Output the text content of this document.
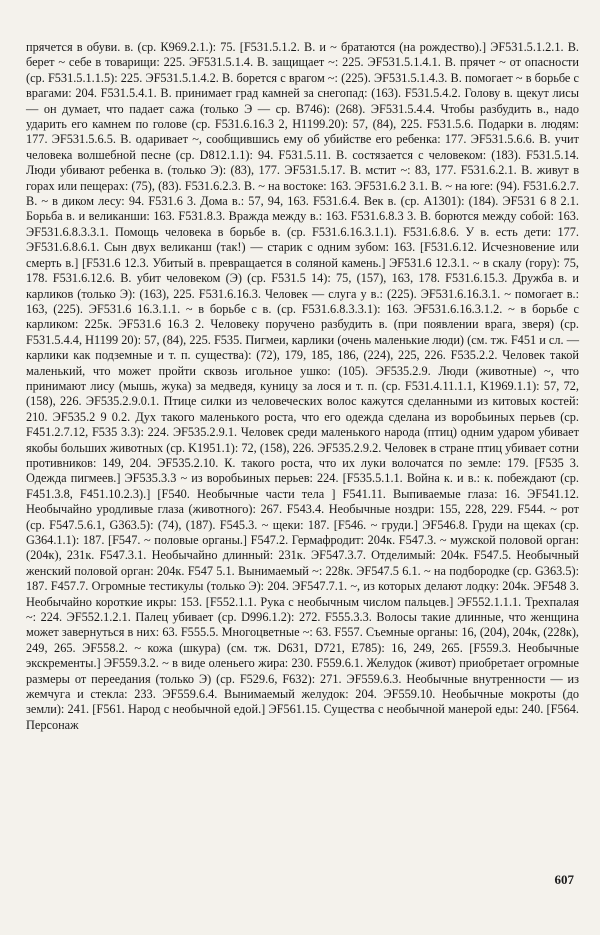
прячется в обуви. в. (ср. К969.2.1.): 75. [F531.5.1.2. В. и ~ братаются (на рождество).] ЭF531.5.1.2.1. В. берет ~ себе в товарищи: 225. ЭF531.5.1.4. В. защищает ~: 225. ЭF531.5.1.4.1. В. прячет ~ от опасности (ср. F531.5.1.1.5): 225. ЭF531.5.1.4.2. В. борется с врагом ~: (225). ЭF531.5.1.4.3. В. помогает ~ в борьбе с врагами: 204. F531.5.4.1. В. принимает град камней за снегопад: (163). F531.5.4.2. Голову в. щекут лисы — он думает, что падает сажа (только Э — ср. В746): (268). ЭF531.5.4.4. Чтобы разбудить в., надо ударить его камнем по голове (ср. F531.6.16.3 2, H1199.20): 57, (84), 225. F531.5.6. Подарки в. людям: 177. ЭF531.5.6.5. В. одаривает ~, сообщившись ему об убийстве его ребенка: 177. ЭF531.5.6.6. В. учит человека волшебной песне (ср. D812.1.1): 94. F531.5.11. В. состязается с человеком: (183). F531.5.14. Люди убивают ребенка в. (только Э): (83), 177. ЭF531.5.17. В. мстит ~: 83, 177. F531.6.2.1. В. живут в горах или пещерах: (75), (83). F531.6.2.3. В. ~ на востоке: 163. ЭF531.6.2 3.1. В. ~ на юге: (94). F531.6.2.7. В. ~ в диком лесу: 94. F531.6 3. Дома в.: 57, 94, 163. F531.6.4. Век в. (ср. A1301): (184). ЭF531 6 8 2.1. Борьба в. и великанши: 163. F531.8.3. Вражда между в.: 163. F531.6.8.3 3. В. борются между собой: 163. ЭF531.6.8.3.3.1. Помощь человека в борьбе в. (ср. F531.6.16.3.1.1). F531.6.8.6. У в. есть дети: 177. ЭF531.6.8.6.1. Сын двух великанш (так!) — старик с одним зубом: 163. [F531.6.12. Исчезновение или смерть в.] [F531.6 12.3. Убитый в. превращается в соляной камень.] ЭF531.6 12.3.1. ~ в скалу (гору): 75, 178. F531.6.12.6. В. убит человеком (Э) (ср. F531.5 14): 75, (157), 163, 178. F531.6.15.3. Дружба в. и карликов (только Э): (163), 225. F531.6.16.3. Человек — слуга у в.: (225). ЭF531.6.16.3.1. ~ помогает в.: 163, (225). ЭF531.6 16.3.1.1. ~ в борьбе с в. (ср. F531.6.8.3.3.1): 163. ЭF531.6.16.3.1.2. ~ в борьбе с карликом: 225к. ЭF531.6 16.3 2. Человеку поручено разбудить в. (при появлении врага, зверя) (ср. F531.5.4.4, H1199 20): 57, (84), 225. F535. Пигмеи, карлики (очень маленькие люди) (см. тж. F451 и сл. — карлики как подземные и т. п. существа): (72), 179, 185, 186, (224), 225, 226. F535.2.2. Человек такой маленький, что может пройти сквозь игольное ушко: (105). ЭF535.2.9. Люди (животные) ~, что принимают лису (мышь, жука) за медведя, куницу за лося и т. п. (ср. F531.4.11.1.1, K1969.1.1): 57, 72, (158), 226. ЭF535.2.9.0.1. Птице силки из человеческих волос кажутся сделанными из китовых костей: 210. ЭF535.2 9 0.2. Дух такого маленького роста, что его одежда сделана из воробьиных перьев (ср. F451.2.7.12, F535 3.3): 224. ЭF535.2.9.1. Человек среди маленького народа (птиц) одним ударом убивает якобы больших животных (ср. K1951.1): 72, (158), 226. ЭF535.2.9.2. Человек в стране птиц убивает сотни противников: 149, 204. ЭF535.2.10. К. такого роста, что их луки волочатся по земле: 179. [F535 3. Одежда пигмеев.] ЭF535.3.3 ~ из воробьиных перьев: 224. [F535.5.1.1. Война к. и в.: к. побеждают (ср. F451.3.8, F451.10.2.3).] [F540. Необычные части тела ] F541.11. Выпиваемые глаза: 16. ЭF541.12. Необычайно уродливые глаза (животного): 267. F543.4. Необычные ноздри: 155, 228, 229. F544. ~ рот (ср. F547.5.6.1, G363.5): (74), (187). F545.3. ~ щеки: 187. [F546. ~ груди.] ЭF546.8. Груди на щеках (ср. G364.1.1): 187. [F547. ~ половые органы.] F547.2. Гермафродит: 204к. F547.3. ~ мужской половой орган: (204к), 231к. F547.3.1. Необычайно длинный: 231к. ЭF547.3.7. Отделимый: 204к. F547.5. Необычный женский половой орган: 204к. F547 5.1. Вынимаемый ~: 228к. ЭF547.5 6.1. ~ на подбородке (ср. G363.5): 187. F457.7. Огромные тестикулы (только Э): 204. ЭF547.7.1. ~, из которых делают лодку: 204к. ЭF548 3. Необычайно короткие икры: 153. [F552.1.1. Рука с необычным числом пальцев.] ЭF552.1.1.1. Трехпалая ~: 224. ЭF552.1.2.1. Палец убивает (ср. D996.1.2): 272. F555.3.3. Волосы такие длинные, что женщина может завернуться в них: 63. F555.5. Многоцветные ~: 63. F557. Съемные органы: 16, (204), 204к, (228к), 249, 265. ЭF558.2. ~ кожа (шкура) (см. тж. D631, D721, E785): 16, 249, 265. [F559.3. Необычные экскременты.] ЭF559.3.2. ~ в виде оленьего жира: 230. F559.6.1. Желудок (живот) приобретает огромные размеры от переедания (только Э) (ср. F529.6, F632): 271. ЭF559.6.3. Необычные внутренности — из жемчуга и стекла: 233. ЭF559.6.4. Вынимаемый желудок: 204. ЭF559.10. Необычные мокроты (до земли): 241. [F561. Народ с необычной едой.] ЭF561.15. Существа с необычной манерой еды: 240. [F564. Персонаж

607
